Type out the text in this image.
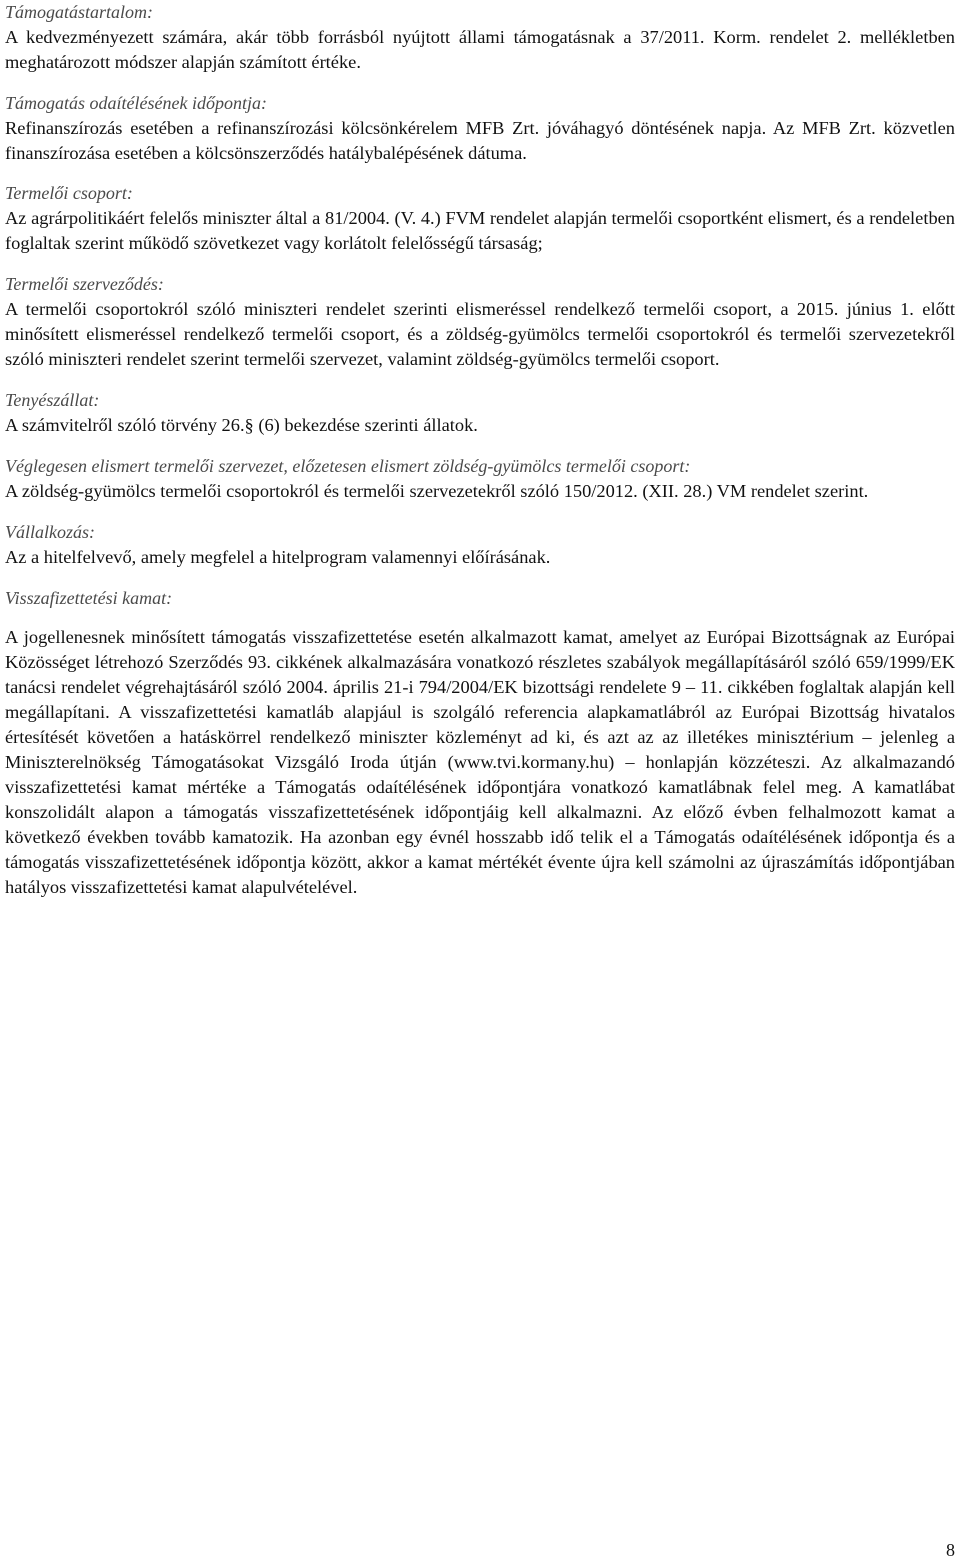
Támogatástartalom:

A kedvezményezett számára, akár több forrásból nyújtott állami támogatásnak a 37/2011. Korm. rendelet 2. mellékletben meghatározott módszer alapján számított értéke.

Támogatás odaítélésének időpontja:

Refinanszírozás esetében a refinanszírozási kölcsönkérelem MFB Zrt. jóváhagyó döntésének napja. Az MFB Zrt. közvetlen finanszírozása esetében a kölcsönszerződés hatálybalépésének dátuma.

Termelői csoport:

Az agrárpolitikáért felelős miniszter által a 81/2004. (V. 4.) FVM rendelet alapján termelői csoportként elismert, és a rendeletben foglaltak szerint működő szövetkezet vagy korlátolt felelősségű társaság;

Termelői szerveződés:

A termelői csoportokról szóló miniszteri rendelet szerinti elismeréssel rendelkező termelői csoport, a 2015. június 1. előtt minősített elismeréssel rendelkező termelői csoport, és a zöldség-gyümölcs termelői csoportokról és termelői szervezetekről szóló miniszteri rendelet szerint termelői szervezet, valamint zöldség-gyümölcs termelői csoport.

Tenyészállat:

A számvitelről szóló törvény 26.§ (6) bekezdése szerinti állatok.

Véglegesen elismert termelői szervezet, előzetesen elismert zöldség-gyümölcs termelői csoport:

A zöldség-gyümölcs termelői csoportokról és termelői szervezetekről szóló 150/2012. (XII. 28.) VM rendelet szerint.

Vállalkozás:

Az a hitelfelvevő, amely megfelel a hitelprogram valamennyi előírásának.

Visszafizettetési kamat:

A jogellenesnek minősített támogatás visszafizettetése esetén alkalmazott kamat, amelyet az Európai Bizottságnak az Európai Közösséget létrehozó Szerződés 93. cikkének alkalmazására vonatkozó részletes szabályok megállapításáról szóló 659/1999/EK tanácsi rendelet végrehajtásáról szóló 2004. április 21-i 794/2004/EK bizottsági rendelete 9 – 11. cikkében foglaltak alapján kell megállapítani. A visszafizettetési kamatláb alapjául is szolgáló referencia alapkamatlábról az Európai Bizottság hivatalos értesítését követően a hatáskörrel rendelkező miniszter közleményt ad ki, és azt az az illetékes minisztérium – jelenleg a Miniszterelnökség Támogatásokat Vizsgáló Iroda útján (www.tvi.kormany.hu) – honlapján közzéteszi. Az alkalmazandó visszafizettetési kamat mértéke a Támogatás odaítélésének időpontjára vonatkozó kamatlábnak felel meg. A kamatlábat konszolidált alapon a támogatás visszafizettetésének időpontjáig kell alkalmazni. Az előző évben felhalmozott kamat a következő években tovább kamatozik. Ha azonban egy évnél hosszabb idő telik el a Támogatás odaítélésének időpontja és a támogatás visszafizettetésének időpontja között, akkor a kamat mértékét évente újra kell számolni az újraszámítás időpontjában hatályos visszafizettetési kamat alapulvételével.

8
